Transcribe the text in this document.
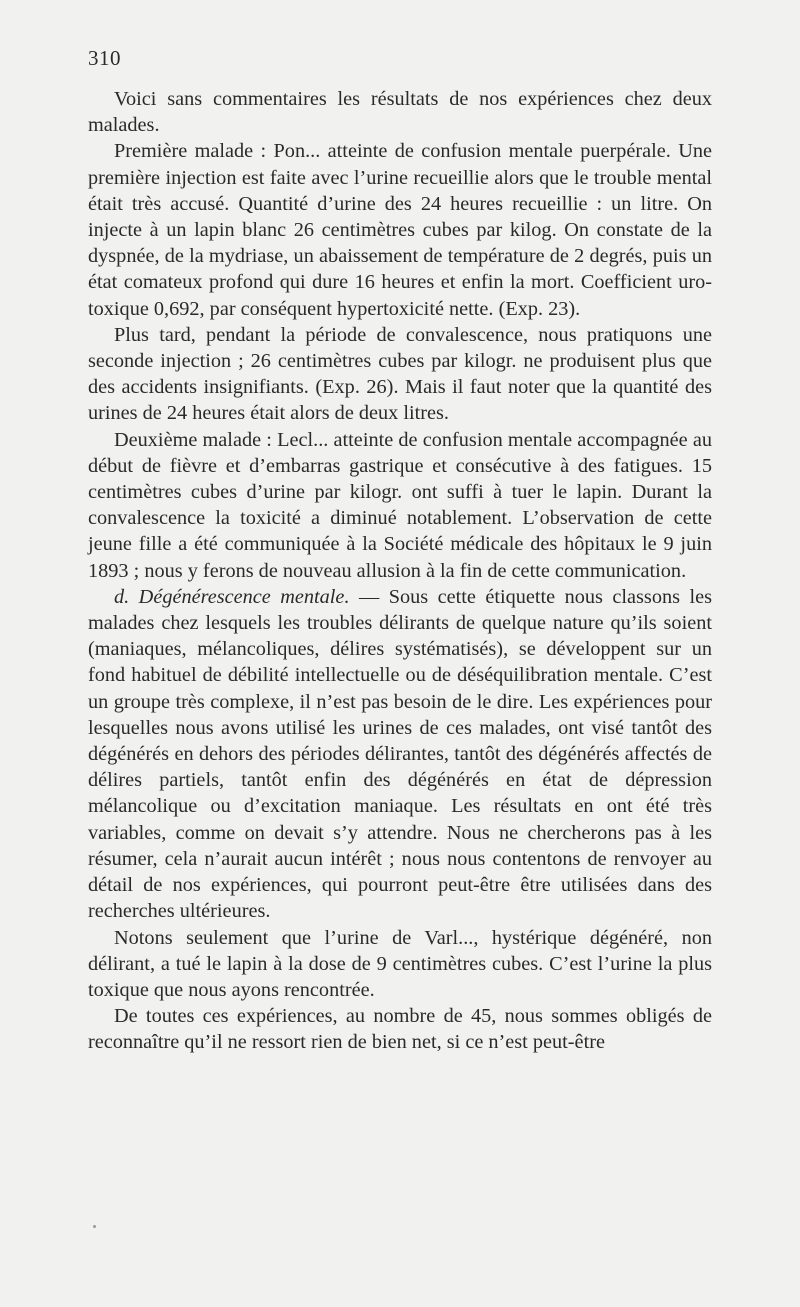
310

Voici sans commentaires les résultats de nos expériences chez deux malades.

Première malade : Pon... atteinte de confusion mentale puerpérale. Une première injection est faite avec l’urine recueillie alors que le trouble mental était très accusé. Quantité d’urine des 24 heures recueillie : un litre. On injecte à un lapin blanc 26 centimètres cubes par kilog. On constate de la dyspnée, de la mydriase, un abaissement de température de 2 degrés, puis un état comateux profond qui dure 16 heures et enfin la mort. Coefficient uro-toxique 0,692, par conséquent hypertoxicité nette. (Exp. 23).

Plus tard, pendant la période de convalescence, nous pratiquons une seconde injection ; 26 centimètres cubes par kilogr. ne produisent plus que des accidents insignifiants. (Exp. 26). Mais il faut noter que la quantité des urines de 24 heures était alors de deux litres.

Deuxième malade : Lecl... atteinte de confusion mentale accompagnée au début de fièvre et d’embarras gastrique et consécutive à des fatigues. 15 centimètres cubes d’urine par kilogr. ont suffi à tuer le lapin. Durant la convalescence la toxicité a diminué notablement. L’observation de cette jeune fille a été communiquée à la Société médicale des hôpitaux le 9 juin 1893 ; nous y ferons de nouveau allusion à la fin de cette communication.

d. Dégénérescence mentale. — Sous cette étiquette nous classons les malades chez lesquels les troubles délirants de quelque nature qu’ils soient (maniaques, mélancoliques, délires systématisés), se développent sur un fond habituel de débilité intellectuelle ou de déséquilibration mentale. C’est un groupe très complexe, il n’est pas besoin de le dire. Les expériences pour lesquelles nous avons utilisé les urines de ces malades, ont visé tantôt des dégénérés en dehors des périodes délirantes, tantôt des dégénérés affectés de délires partiels, tantôt enfin des dégénérés en état de dépression mélancolique ou d’excitation maniaque. Les résultats en ont été très variables, comme on devait s’y attendre. Nous ne chercherons pas à les résumer, cela n’aurait aucun intérêt ; nous nous contentons de renvoyer au détail de nos expériences, qui pourront peut-être être utilisées dans des recherches ultérieures.

Notons seulement que l’urine de Varl..., hystérique dégénéré, non délirant, a tué le lapin à la dose de 9 centimètres cubes. C’est l’urine la plus toxique que nous ayons rencontrée.

De toutes ces expériences, au nombre de 45, nous sommes obligés de reconnaître qu’il ne ressort rien de bien net, si ce n’est peut-être
